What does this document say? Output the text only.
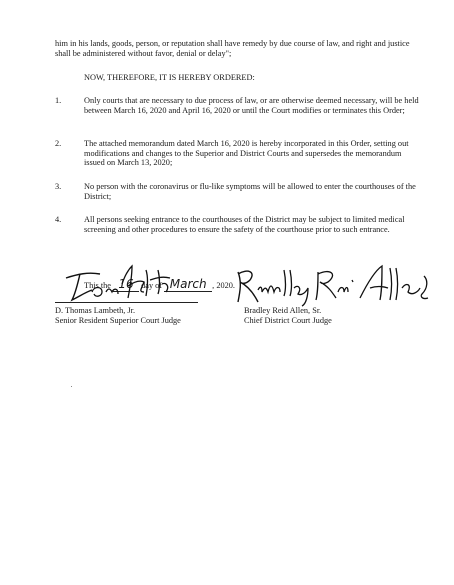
him in his lands, goods, person, or reputation shall have remedy by due course of law, and right and justice shall be administered without favor, denial or delay";
NOW, THEREFORE, IT IS HEREBY ORDERED:
1.	Only courts that are necessary to due process of law, or are otherwise deemed necessary, will be held between March 16, 2020 and April 16, 2020 or until the Court modifies or terminates this Order;
2.	The attached memorandum dated March 16, 2020 is hereby incorporated in this Order, setting out modifications and changes to the Superior and District Courts and supersedes the memorandum issued on March 13, 2020;
3.	No person with the coronavirus or flu-like symptoms will be allowed to enter the courthouses of the District;
4.	All persons seeking entrance to the courthouses of the District may be subject to limited medical screening and other procedures to ensure the safety of the courthouse prior to such entrance.
This the 16 day of March , 2020.
D. Thomas Lambeth, Jr.
Senior Resident Superior Court Judge
Bradley Reid Allen, Sr.
Chief District Court Judge
